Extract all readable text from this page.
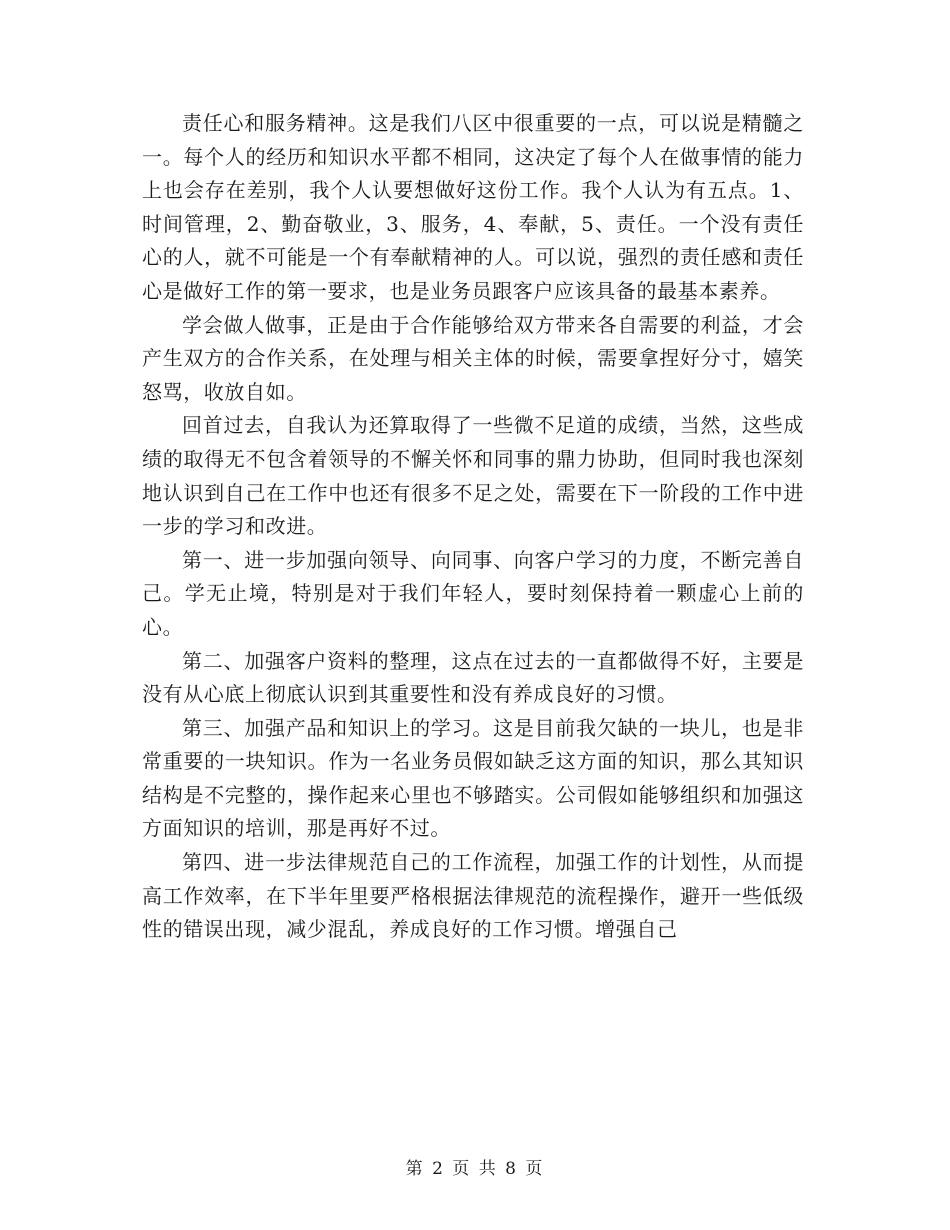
责任心和服务精神。这是我们八区中很重要的一点，可以说是精髓之一。每个人的经历和知识水平都不相同，这决定了每个人在做事情的能力上也会存在差别，我个人认要想做好这份工作。我个人认为有五点。1、时间管理，2、勤奋敬业，3、服务，4、奉献，5、责任。一个没有责任心的人，就不可能是一个有奉献精神的人。可以说，强烈的责任感和责任心是做好工作的第一要求，也是业务员跟客户应该具备的最基本素养。

学会做人做事，正是由于合作能够给双方带来各自需要的利益，才会产生双方的合作关系，在处理与相关主体的时候，需要拿捏好分寸，嬉笑怒骂，收放自如。

回首过去，自我认为还算取得了一些微不足道的成绩，当然，这些成绩的取得无不包含着领导的不懈关怀和同事的鼎力协助，但同时我也深刻地认识到自己在工作中也还有很多不足之处，需要在下一阶段的工作中进一步的学习和改进。

第一、进一步加强向领导、向同事、向客户学习的力度，不断完善自己。学无止境，特别是对于我们年轻人，要时刻保持着一颗虚心上前的心。

第二、加强客户资料的整理，这点在过去的一直都做得不好，主要是没有从心底上彻底认识到其重要性和没有养成良好的习惯。

第三、加强产品和知识上的学习。这是目前我欠缺的一块儿，也是非常重要的一块知识。作为一名业务员假如缺乏这方面的知识，那么其知识结构是不完整的，操作起来心里也不够踏实。公司假如能够组织和加强这方面知识的培训，那是再好不过。

第四、进一步法律规范自己的工作流程，加强工作的计划性，从而提高工作效率，在下半年里要严格根据法律规范的流程操作，避开一些低级性的错误出现，减少混乱，养成良好的工作习惯。增强自己

第 2 页 共 8 页
